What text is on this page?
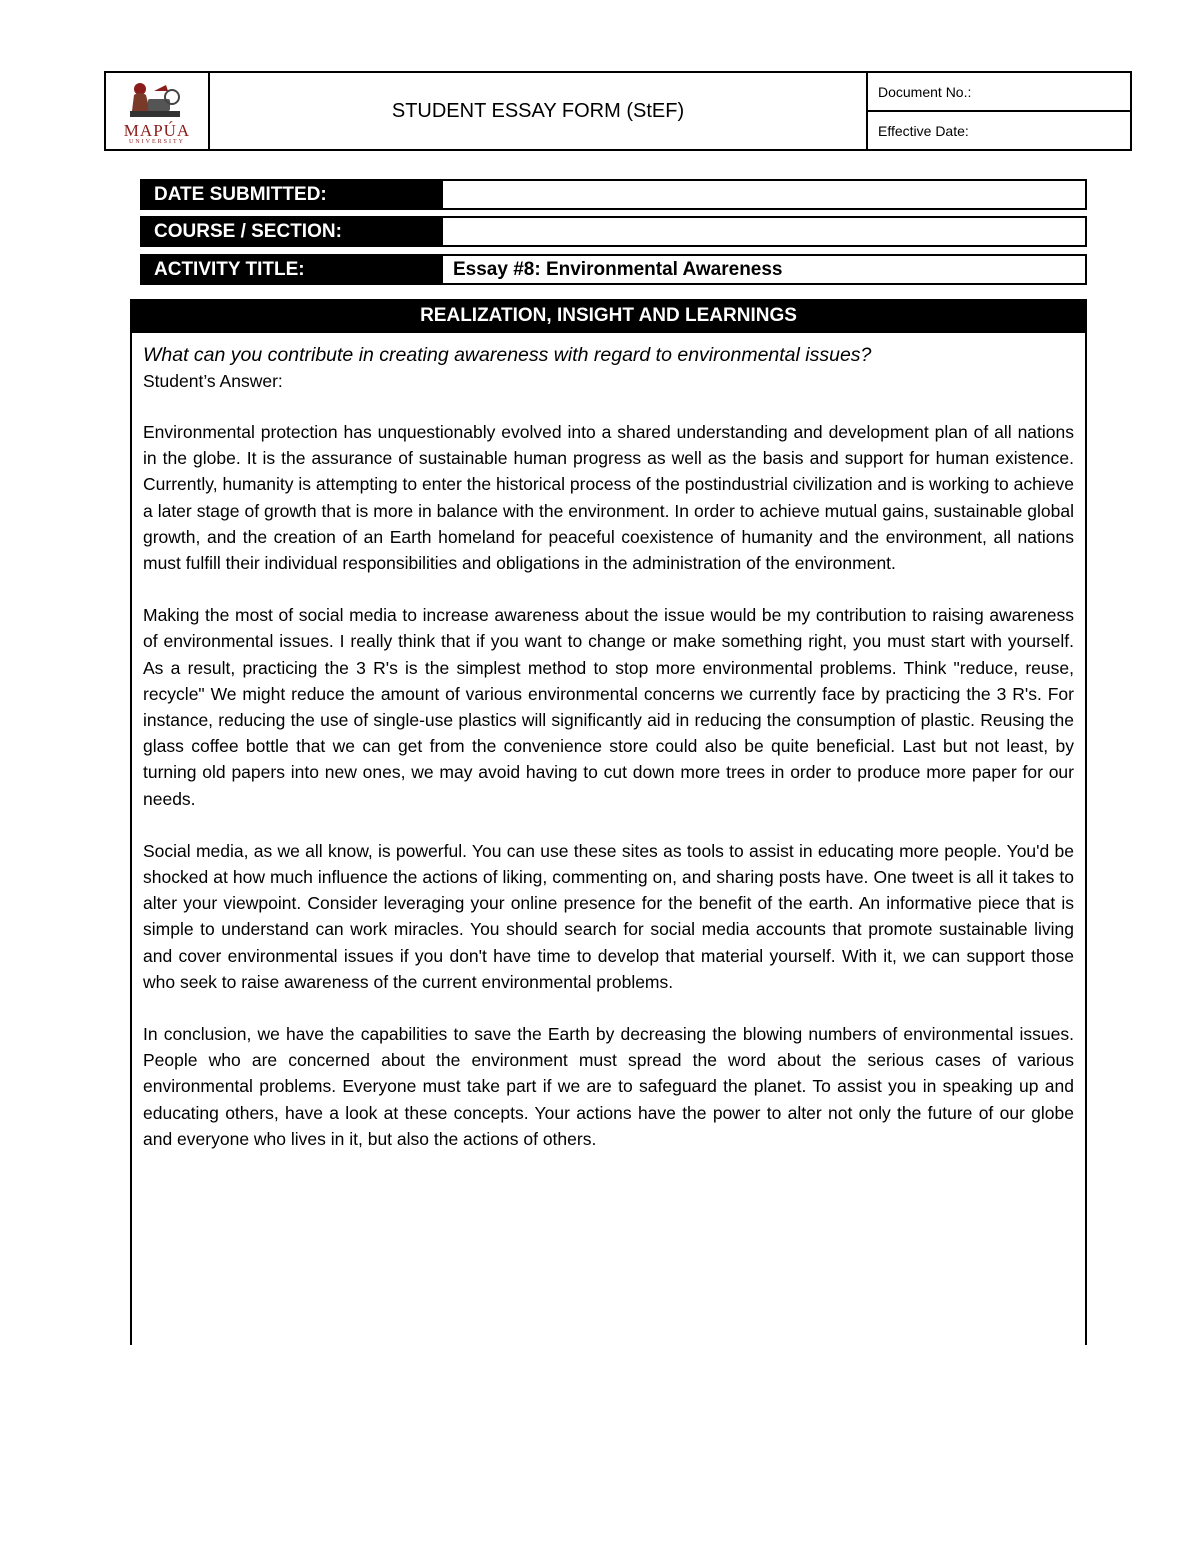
MAPÚA
UNIVERSITY
STUDENT ESSAY FORM (StEF)
Document No.:
Effective Date:
DATE SUBMITTED:
COURSE / SECTION:
ACTIVITY TITLE:	Essay #8: Environmental Awareness
REALIZATION, INSIGHT AND LEARNINGS
What can you contribute in creating awareness with regard to environmental issues?
Student’s Answer:

Environmental protection has unquestionably evolved into a shared understanding and development plan of all nations in the globe. It is the assurance of sustainable human progress as well as the basis and support for human existence. Currently, humanity is attempting to enter the historical process of the postindustrial civilization and is working to achieve a later stage of growth that is more in balance with the environment. In order to achieve mutual gains, sustainable global growth, and the creation of an Earth homeland for peaceful coexistence of humanity and the environment, all nations must fulfill their individual responsibilities and obligations in the administration of the environment.

Making the most of social media to increase awareness about the issue would be my contribution to raising awareness of environmental issues. I really think that if you want to change or make something right, you must start with yourself. As a result, practicing the 3 R's is the simplest method to stop more environmental problems. Think "reduce, reuse, recycle" We might reduce the amount of various environmental concerns we currently face by practicing the 3 R's. For instance, reducing the use of single-use plastics will significantly aid in reducing the consumption of plastic. Reusing the glass coffee bottle that we can get from the convenience store could also be quite beneficial. Last but not least, by turning old papers into new ones, we may avoid having to cut down more trees in order to produce more paper for our needs.

Social media, as we all know, is powerful. You can use these sites as tools to assist in educating more people. You'd be shocked at how much influence the actions of liking, commenting on, and sharing posts have. One tweet is all it takes to alter your viewpoint. Consider leveraging your online presence for the benefit of the earth. An informative piece that is simple to understand can work miracles. You should search for social media accounts that promote sustainable living and cover environmental issues if you don't have time to develop that material yourself. With it, we can support those who seek to raise awareness of the current environmental problems.

In conclusion, we have the capabilities to save the Earth by decreasing the blowing numbers of environmental issues. People who are concerned about the environment must spread the word about the serious cases of various environmental problems. Everyone must take part if we are to safeguard the planet. To assist you in speaking up and educating others, have a look at these concepts. Your actions have the power to alter not only the future of our globe and everyone who lives in it, but also the actions of others.
